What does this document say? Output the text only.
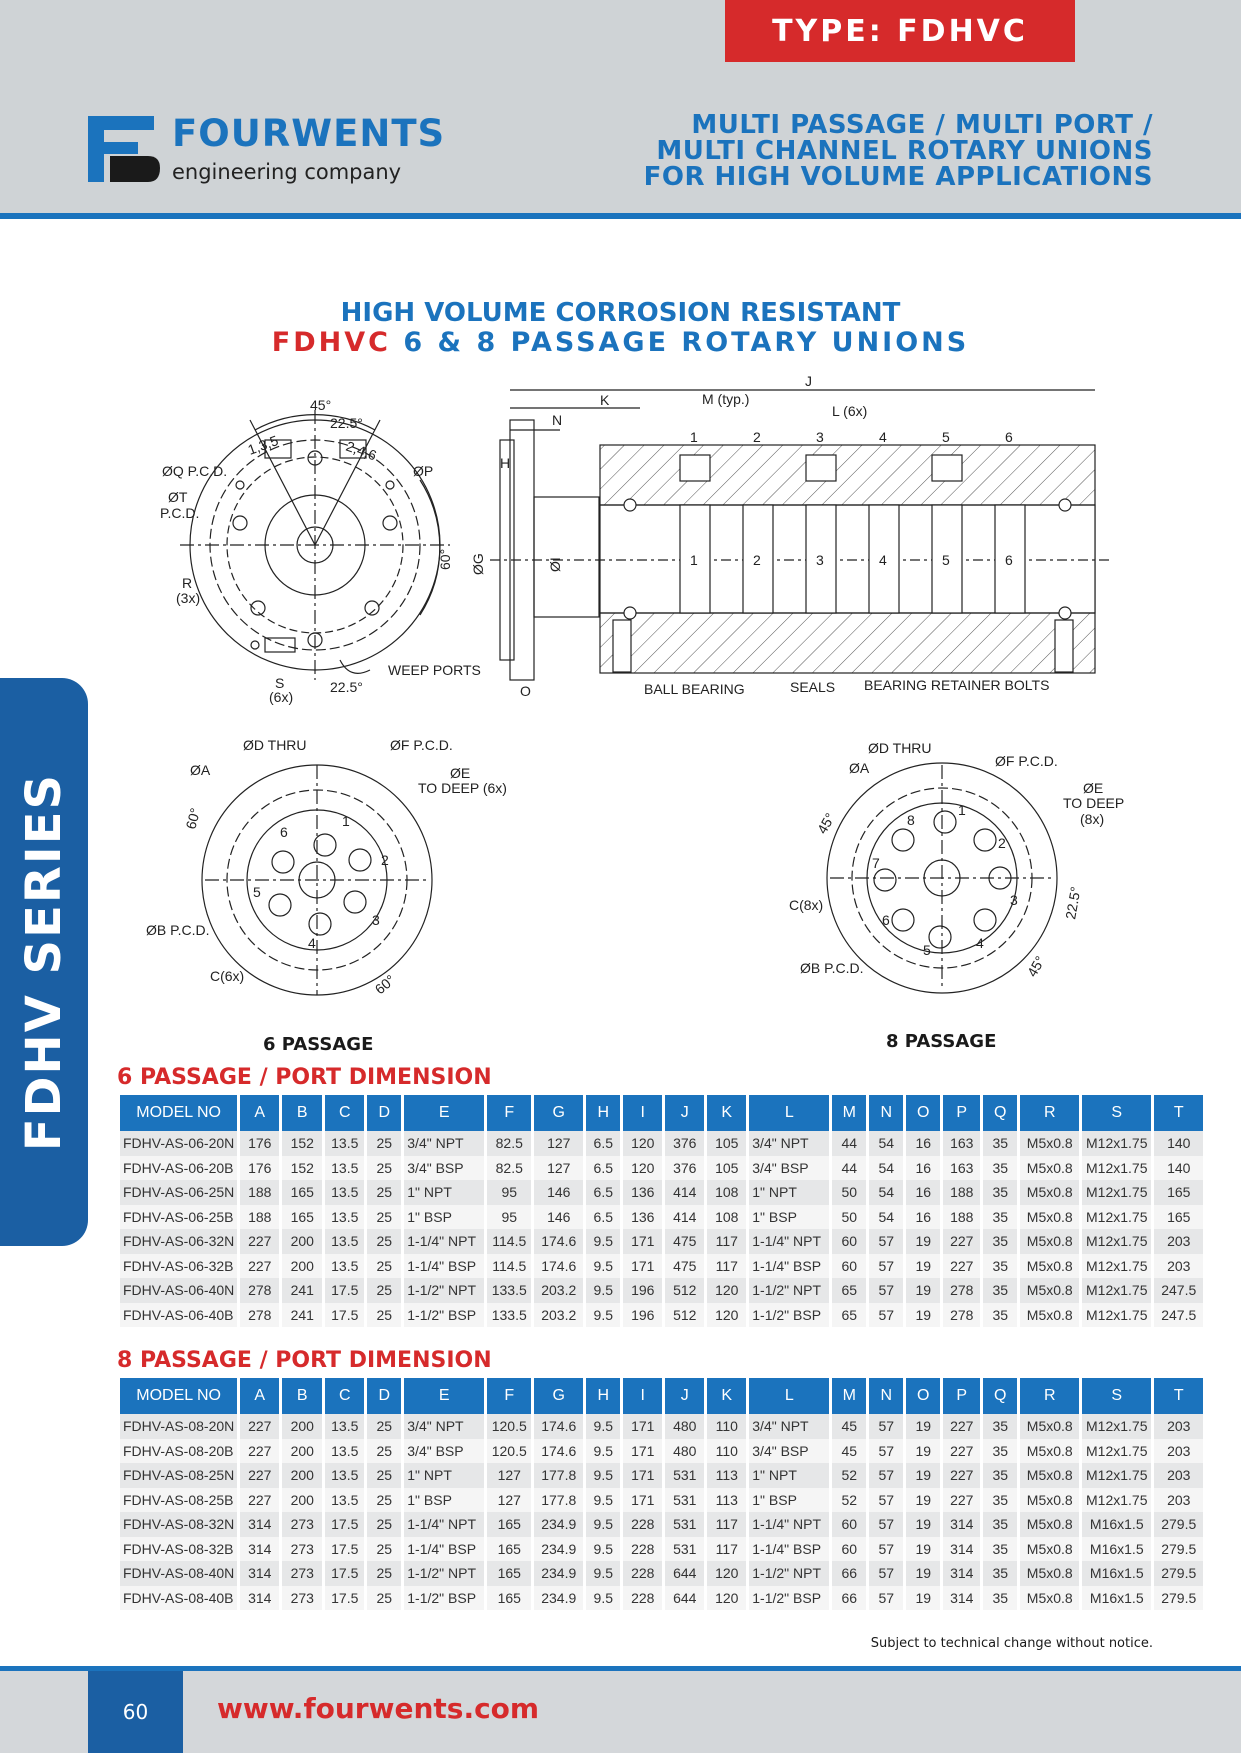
TYPE: FDHVC
FOURWENTS
engineering company
MULTI PASSAGE / MULTI PORT /
MULTI CHANNEL ROTARY UNIONS
FOR HIGH VOLUME APPLICATIONS
HIGH VOLUME CORROSION RESISTANT
FDHVC 6 & 8 PASSAGE ROTARY UNIONS
FDHV SERIES
45°
22.5°
1,3,5	2,4,6
ØQ P.C.D.
ØT
P.C.D.
ØP
R
(3x)
S
(6x)
60°
22.5°
WEEP PORTS
J
K	M (typ.)
N
L (6x)
H
ØG	ØI
O
1	2	3	4	5	6
1	2	3	4	5	6
BALL BEARING	SEALS BEARING RETAINER BOLTS
ØD THRU	ØF P.C.D.
ØA	ØE
TO DEEP (6x)
60°
ØB P.C.D.
C(6x)	60°
1
2
3
4
5
6
ØD THRU
ØF P.C.D.
ØA
ØE
TO DEEP
(8x)
45°
C(8x)
ØB P.C.D.
22.5°
45°
1
2
3
4
5
6
7
8
6 PASSAGE	8 PASSAGE
6 PASSAGE / PORT DIMENSION
MODEL NO	A	B	C	D	E	F	G	H	I	J	K	L	M	N	O	P	Q	R	S	T
FDHV-AS-06-20N	176	152	13.5	25	3/4" NPT	82.5	127	6.5	120	376	105	3/4" NPT	44	54	16	163	35	M5x0.8	M12x1.75	140
FDHV-AS-06-20B	176	152	13.5	25	3/4" BSP	82.5	127	6.5	120	376	105	3/4" BSP	44	54	16	163	35	M5x0.8	M12x1.75	140
FDHV-AS-06-25N	188	165	13.5	25	1" NPT	95	146	6.5	136	414	108	1" NPT	50	54	16	188	35	M5x0.8	M12x1.75	165
FDHV-AS-06-25B	188	165	13.5	25	1" BSP	95	146	6.5	136	414	108	1" BSP	50	54	16	188	35	M5x0.8	M12x1.75	165
FDHV-AS-06-32N	227	200	13.5	25	1-1/4" NPT	114.5	174.6	9.5	171	475	117	1-1/4" NPT	60	57	19	227	35	M5x0.8	M12x1.75	203
FDHV-AS-06-32B	227	200	13.5	25	1-1/4" BSP	114.5	174.6	9.5	171	475	117	1-1/4" BSP	60	57	19	227	35	M5x0.8	M12x1.75	203
FDHV-AS-06-40N	278	241	17.5	25	1-1/2" NPT	133.5	203.2	9.5	196	512	120	1-1/2" NPT	65	57	19	278	35	M5x0.8	M12x1.75	247.5
FDHV-AS-06-40B	278	241	17.5	25	1-1/2" BSP	133.5	203.2	9.5	196	512	120	1-1/2" BSP	65	57	19	278	35	M5x0.8	M12x1.75	247.5
8 PASSAGE / PORT DIMENSION
MODEL NO	A	B	C	D	E	F	G	H	I	J	K	L	M	N	O	P	Q	R	S	T
FDHV-AS-08-20N	227	200	13.5	25	3/4" NPT	120.5	174.6	9.5	171	480	110	3/4" NPT	45	57	19	227	35	M5x0.8	M12x1.75	203
FDHV-AS-08-20B	227	200	13.5	25	3/4" BSP	120.5	174.6	9.5	171	480	110	3/4" BSP	45	57	19	227	35	M5x0.8	M12x1.75	203
FDHV-AS-08-25N	227	200	13.5	25	1" NPT	127	177.8	9.5	171	531	113	1" NPT	52	57	19	227	35	M5x0.8	M12x1.75	203
FDHV-AS-08-25B	227	200	13.5	25	1" BSP	127	177.8	9.5	171	531	113	1" BSP	52	57	19	227	35	M5x0.8	M12x1.75	203
FDHV-AS-08-32N	314	273	17.5	25	1-1/4" NPT	165	234.9	9.5	228	531	117	1-1/4" NPT	60	57	19	314	35	M5x0.8	M16x1.5	279.5
FDHV-AS-08-32B	314	273	17.5	25	1-1/4" BSP	165	234.9	9.5	228	531	117	1-1/4" BSP	60	57	19	314	35	M5x0.8	M16x1.5	279.5
FDHV-AS-08-40N	314	273	17.5	25	1-1/2" NPT	165	234.9	9.5	228	644	120	1-1/2" NPT	66	57	19	314	35	M5x0.8	M16x1.5	279.5
FDHV-AS-08-40B	314	273	17.5	25	1-1/2" BSP	165	234.9	9.5	228	644	120	1-1/2" BSP	66	57	19	314	35	M5x0.8	M16x1.5	279.5
Subject to technical change without notice.
60 www.fourwents.com
